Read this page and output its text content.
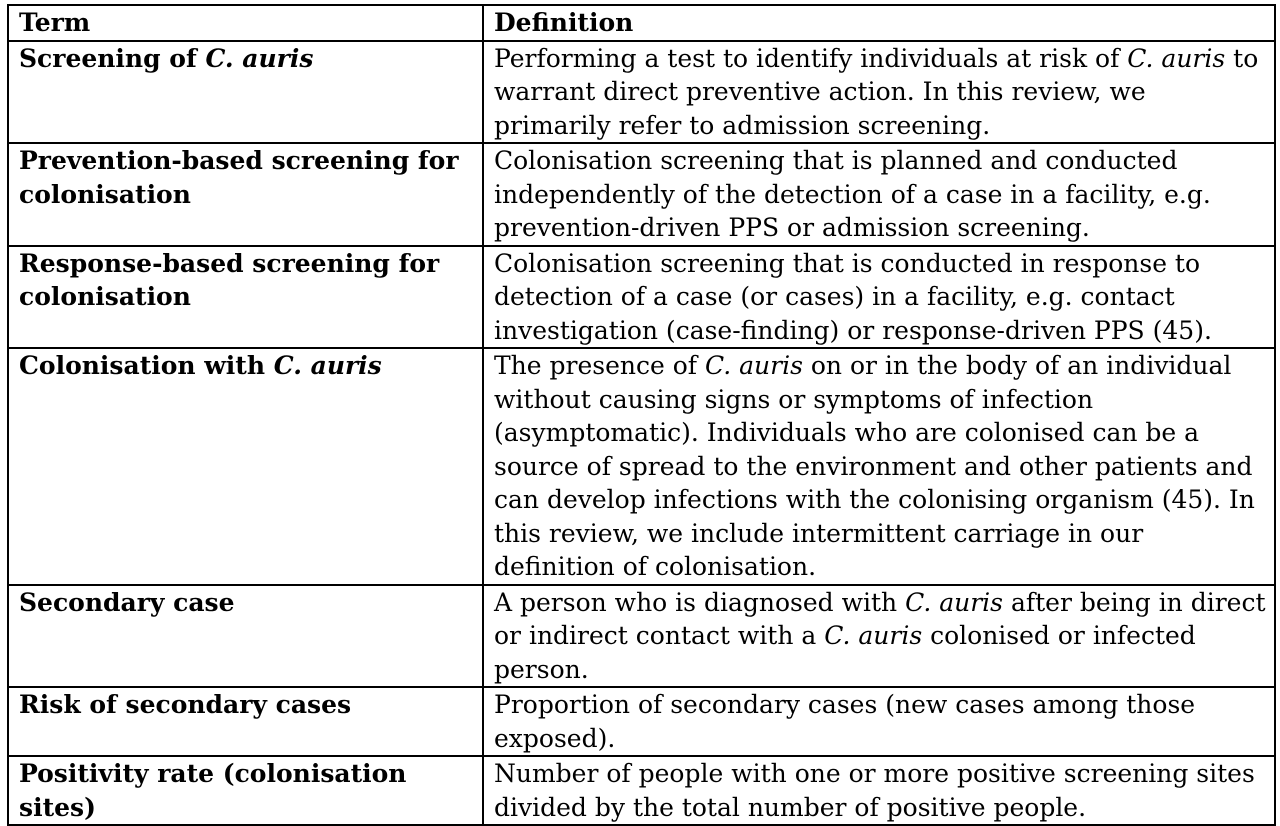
Term	Definition
Screening of C. auris	Performing a test to identify individuals at risk of C. auris to warrant direct preventive action. In this review, we primarily refer to admission screening.
Prevention-based screening for colonisation	Colonisation screening that is planned and conducted independently of the detection of a case in a facility, e.g. prevention-driven PPS or admission screening.
Response-based screening for colonisation	Colonisation screening that is conducted in response to detection of a case (or cases) in a facility, e.g. contact investigation (case-finding) or response-driven PPS (45).
Colonisation with C. auris	The presence of C. auris on or in the body of an individual without causing signs or symptoms of infection (asymptomatic). Individuals who are colonised can be a source of spread to the environment and other patients and can develop infections with the colonising organism (45). In this review, we include intermittent carriage in our definition of colonisation.
Secondary case	A person who is diagnosed with C. auris after being in direct or indirect contact with a C. auris colonised or infected person.
Risk of secondary cases	Proportion of secondary cases (new cases among those exposed).
Positivity rate (colonisation sites)	Number of people with one or more positive screening sites divided by the total number of positive people.
